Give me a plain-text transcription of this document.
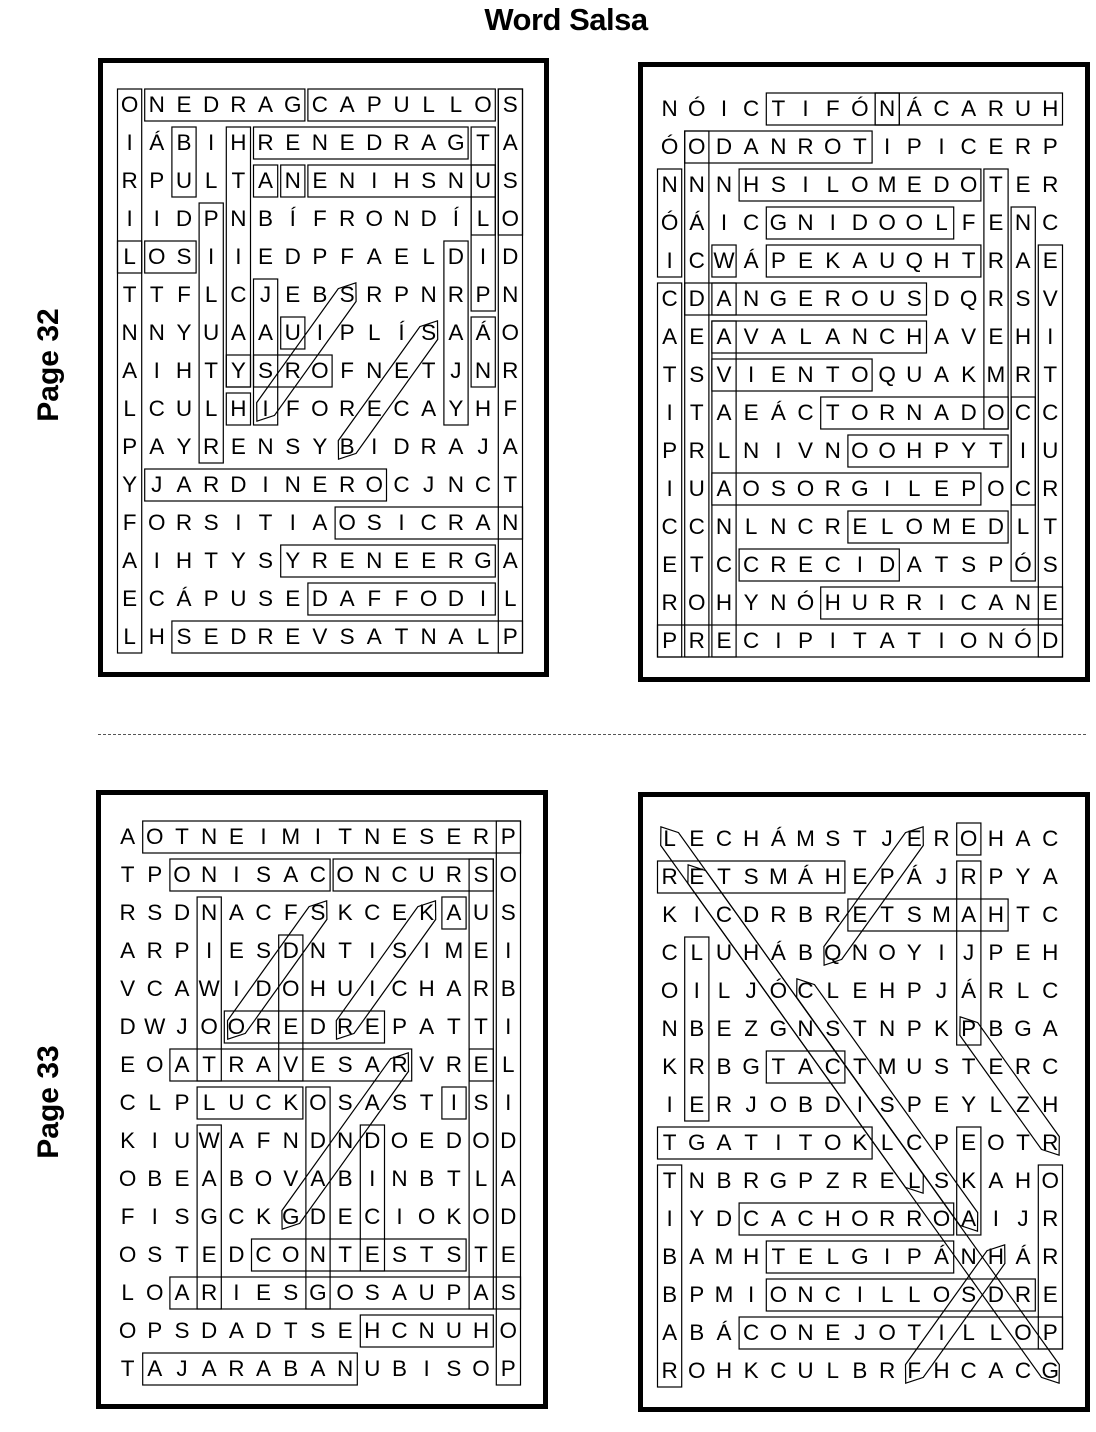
Word Salsa
Page 32
Page 33
O N E D R A G C A P U L L O S
I Á B I H R E N E D R A G T A
R P U L T A N E N I H S N U S
I I D P N B Í F R O N D Í L O
L O S I I E D P F A E L D I D
T T F L C J E B S R P N R P N
N N Y U A A U I P L Í S A Á O
A I H T Y S R O F N E T J N R
L C U L H I F O R E C A Y H F
P A Y R E N S Y B I D R A J A
Y J A R D I N E R O C J N C T
F O R S I T I A O S I C R A N
A I H T Y S Y R E N E E R G A
E C Á P U S E D A F F O D I L
L H S E D R E V S A T N A L P
N Ó I C T I F Ó N Á C A R U H
Ó O D A N R O T I P I C E R P
N N N H S I L O M E D O T E R
Ó Á I C G N I D O O L F E N C
I C W Á P E K A U Q H T R A E
C D A N G E R O U S D Q R S V
A E A V A L A N C H A V E H I
T S V I E N T O Q U A K M R T
I T A E Á C T O R N A D O C C
P R L N I V N O O H P Y T I U
I U A O S O R G I L E P O C R
C C N L N C R E L O M E D L T
E T C C R E C I D A T S P Ó S
R O H Y N Ó H U R R I C A N E
P R E C I P I T A T I O N Ó D
A O T N E I M I T N E S E R P
T P O N I S A C O N C U R S O
R S D N A C F S K C E K A U S
A R P I E S D N T I S I M E I
V C A W I D O H U I C H A R B
D W J O O R E D R E P A T T I
E O A T R A V E S A R V R E L
C L P L U C K O S A S T I S I
K I U W A F N D N D O E D O D
O B E A B O V A B I N B T L A
F I S G C K G D E C I O K O D
O S T E D C O N T E S T S T E
L O A R I E S G O S A U P A S
O P S D A D T S E H C N U H O
T A J A R A B A N U B I S O P
L E C H Á M S T J E R O H A C
R E T S M Á H E P Á J R P Y A
K I C D R B R E T S M A H T C
C L U H Á B Q N O Y I J P E H
O I L J Ó C L E H P J Á R L C
N B E Z G N S T N P K P B G A
K R B G T A C T M U S T E R C
I E R J O B D I S P E Y L Z H
T G A T I T O K L C P E O T R
T N B R G P Z R E L S K A H O
I Y D C A C H O R R O A I J R
B A M H T E L G I P Á N H Á R
B P M I O N C I L L O S D R E
A B Á C O N E J O T I L L O P
R O H K C U L B R F H C A C G
